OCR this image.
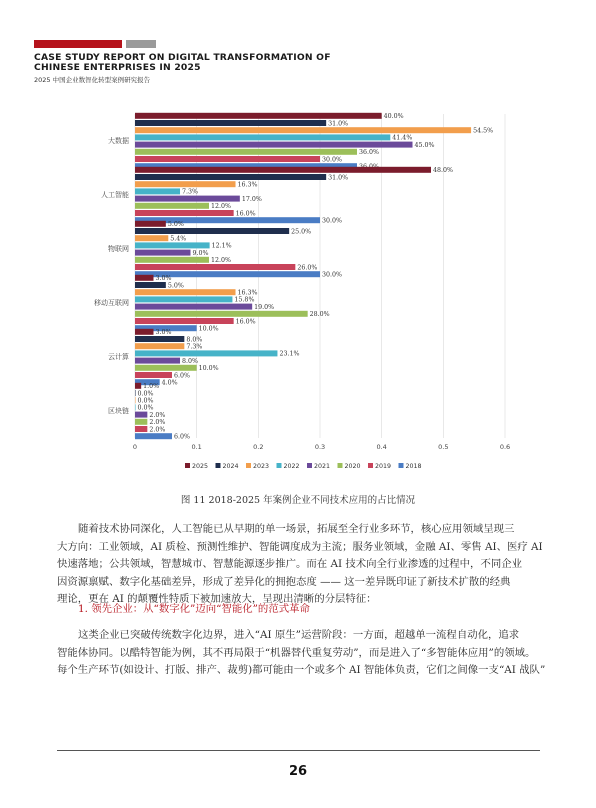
CASE STUDY REPORT ON DIGITAL TRANSFORMATION OF
CHINESE ENTERPRISES IN 2025
2025 中国企业数智化转型案例研究报告
0	0.1	0.2	0.3	0.4	0.5	0.6
大数据
40.0%
31.0%
54.5%
41.4%
45.0%
36.0%
30.0%
人工智能
48.0%
31.0%
16.3%
7.3%
17.0%
12.0%
16.0%
30.0%
物联网
5.0%
25.0%
5.4%
12.1%
9.0%
12.0%
26.0%
30.0%
移动互联网
3.0%
5.0%
16.3%
15.8%
19.0%
28.0%
16.0%
10.0%
云计算
3.0%
8.0%
7.3%
23.1%
8.0%
10.0%
6.0%
4.0%
区块链
1.0%
0.0%
0.0%
0.0%
2.0%
2.0%
2.0%
6.0%
2025 2024 2023 2022 2021 2020 2019 2018
图 11 2018-2025 年案例企业不同技术应用的占比情况
随着技术协同深化，人工智能已从早期的单一场景，拓展至全行业多环节，核心应用领域呈现三
大方向：工业领域，AI 质检、预测性维护、智能调度成为主流；服务业领域，金融 AI、零售 AI、医疗 AI
快速落地；公共领域，智慧城市、智慧能源逐步推广。而在 AI 技术向全行业渗透的过程中，不同企业
因资源禀赋、数字化基础差异，形成了差异化的拥抱态度 —— 这一差异既印证了新技术扩散的经典
理论，更在 AI 的颠覆性特质下被加速放大，呈现出清晰的分层特征：
1. 领先企业：从“数字化”迈向“智能化”的范式革命
这类企业已突破传统数字化边界，进入“AI 原生”运营阶段：一方面，超越单一流程自动化，追求
智能体协同。以酷特智能为例，其不再局限于“机器替代重复劳动”，而是进入了“多智能体应用”的领域。
每个生产环节(如设计、打版、排产、裁剪)都可能由一个或多个 AI 智能体负责，它们之间像一支“AI 战队”
26
